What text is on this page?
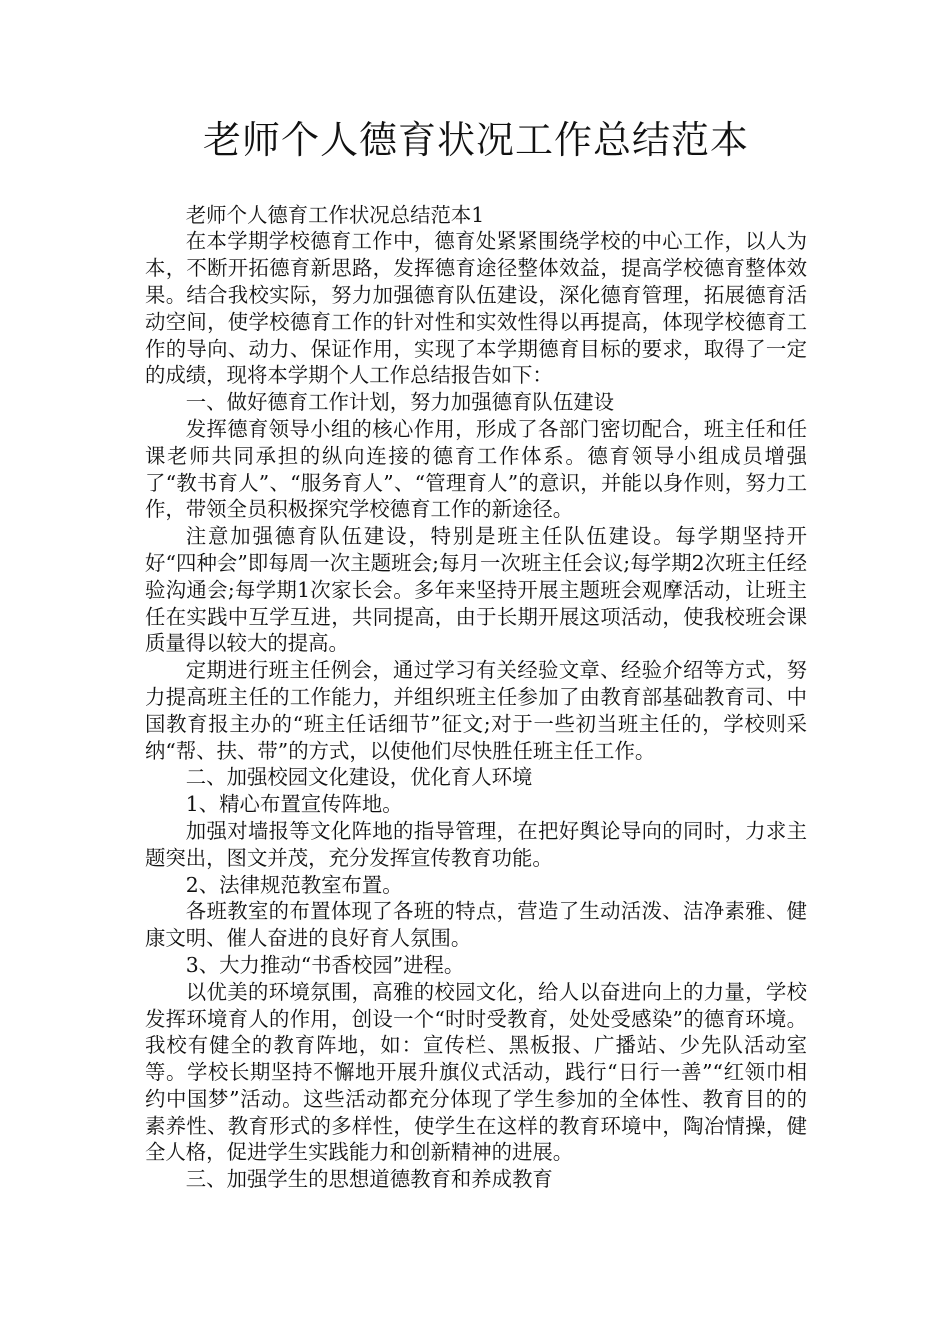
老师个人德育状况工作总结范本

老师个人德育工作状况总结范本1

在本学期学校德育工作中，德育处紧紧围绕学校的中心工作，以人为本，不断开拓德育新思路，发挥德育途径整体效益，提高学校德育整体效果。结合我校实际，努力加强德育队伍建设，深化德育管理，拓展德育活动空间，使学校德育工作的针对性和实效性得以再提高，体现学校德育工作的导向、动力、保证作用，实现了本学期德育目标的要求，取得了一定的成绩，现将本学期个人工作总结报告如下：

一、做好德育工作计划，努力加强德育队伍建设

发挥德育领导小组的核心作用，形成了各部门密切配合，班主任和任课老师共同承担的纵向连接的德育工作体系。德育领导小组成员增强了“教书育人”、“服务育人”、“管理育人”的意识，并能以身作则，努力工作，带领全员积极探究学校德育工作的新途径。

注意加强德育队伍建设，特别是班主任队伍建设。每学期坚持开好“四种会”即每周一次主题班会;每月一次班主任会议;每学期2次班主任经验沟通会;每学期1次家长会。多年来坚持开展主题班会观摩活动，让班主任在实践中互学互进，共同提高，由于长期开展这项活动，使我校班会课质量得以较大的提高。

定期进行班主任例会，通过学习有关经验文章、经验介绍等方式，努力提高班主任的工作能力，并组织班主任参加了由教育部基础教育司、中国教育报主办的“班主任话细节”征文;对于一些初当班主任的，学校则采纳“帮、扶、带”的方式，以使他们尽快胜任班主任工作。

二、加强校园文化建设，优化育人环境

1、精心布置宣传阵地。

加强对墙报等文化阵地的指导管理，在把好舆论导向的同时，力求主题突出，图文并茂，充分发挥宣传教育功能。

2、法律规范教室布置。

各班教室的布置体现了各班的特点，营造了生动活泼、洁净素雅、健康文明、催人奋进的良好育人氛围。

3、大力推动“书香校园”进程。

以优美的环境氛围，高雅的校园文化，给人以奋进向上的力量，学校发挥环境育人的作用，创设一个“时时受教育，处处受感染”的德育环境。我校有健全的教育阵地，如：宣传栏、黑板报、广播站、少先队活动室等。学校长期坚持不懈地开展升旗仪式活动，践行“日行一善”“红领巾相约中国梦”活动。这些活动都充分体现了学生参加的全体性、教育目的的素养性、教育形式的多样性，使学生在这样的教育环境中，陶冶情操，健全人格，促进学生实践能力和创新精神的进展。

三、加强学生的思想道德教育和养成教育
